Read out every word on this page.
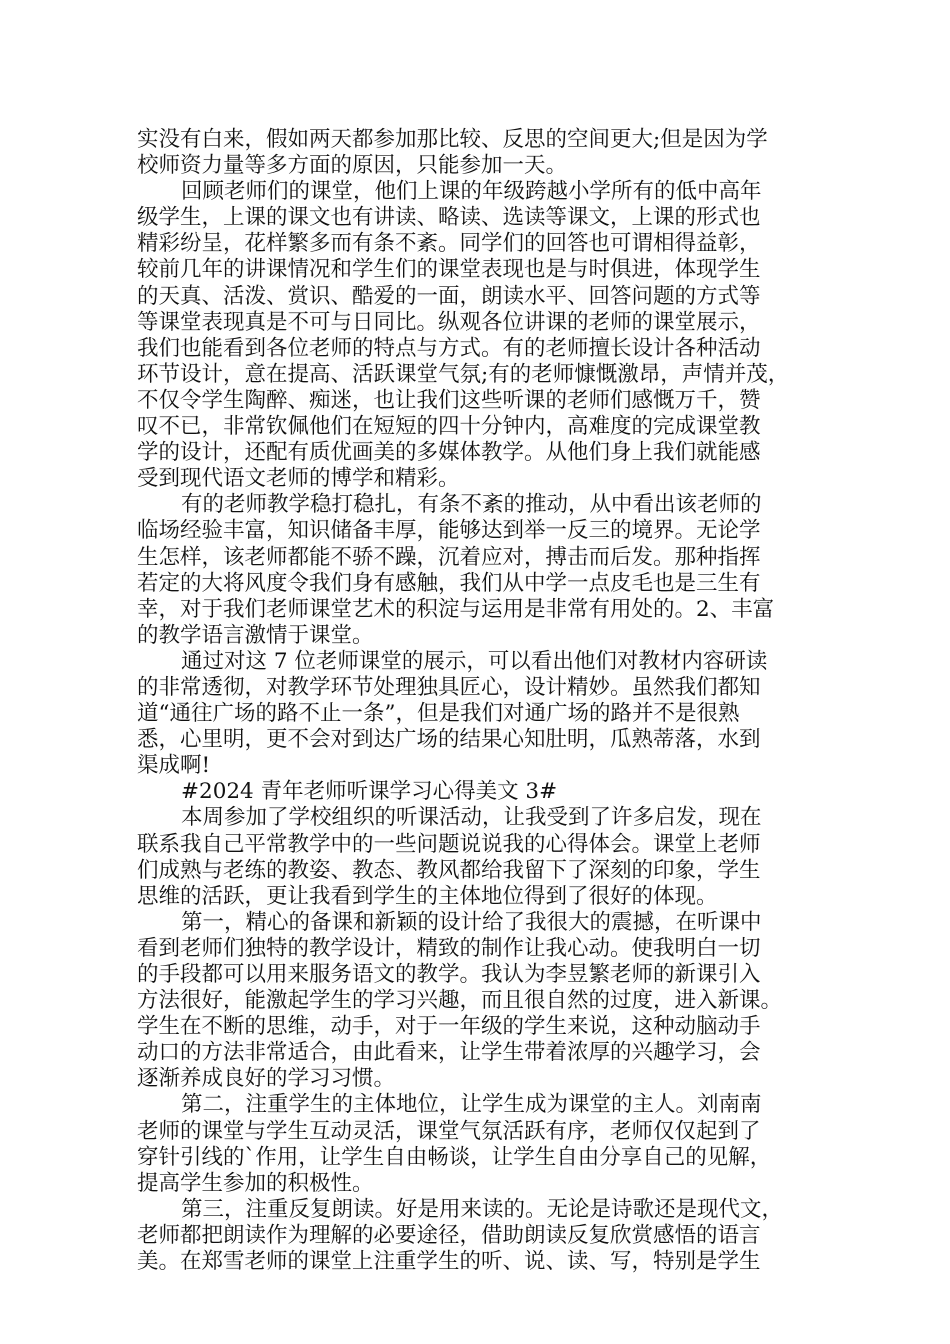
实没有白来，假如两天都参加那比较、反思的空间更大;但是因为学
校师资力量等多方面的原因，只能参加一天。
回顾老师们的课堂，他们上课的年级跨越小学所有的低中高年
级学生，上课的课文也有讲读、略读、选读等课文，上课的形式也
精彩纷呈，花样繁多而有条不紊。同学们的回答也可谓相得益彰，
较前几年的讲课情况和学生们的课堂表现也是与时俱进，体现学生
的天真、活泼、赏识、酷爱的一面，朗读水平、回答问题的方式等
等课堂表现真是不可与日同比。纵观各位讲课的老师的课堂展示，
我们也能看到各位老师的特点与方式。有的老师擅长设计各种活动
环节设计，意在提高、活跃课堂气氛;有的老师慷慨激昂，声情并茂，
不仅令学生陶醉、痴迷，也让我们这些听课的老师们感慨万千，赞
叹不已，非常钦佩他们在短短的四十分钟内，高难度的完成课堂教
学的设计，还配有质优画美的多媒体教学。从他们身上我们就能感
受到现代语文老师的博学和精彩。
有的老师教学稳打稳扎，有条不紊的推动，从中看出该老师的
临场经验丰富，知识储备丰厚，能够达到举一反三的境界。无论学
生怎样，该老师都能不骄不躁，沉着应对，搏击而后发。那种指挥
若定的大将风度令我们身有感触，我们从中学一点皮毛也是三生有
幸，对于我们老师课堂艺术的积淀与运用是非常有用处的。2、丰富
的教学语言激情于课堂。
通过对这 7 位老师课堂的展示，可以看出他们对教材内容研读
的非常透彻，对教学环节处理独具匠心，设计精妙。虽然我们都知
道“通往广场的路不止一条”，但是我们对通广场的路并不是很熟
悉，心里明，更不会对到达广场的结果心知肚明，瓜熟蒂落，水到
渠成啊!
#2024 青年老师听课学习心得美文 3#
本周参加了学校组织的听课活动，让我受到了许多启发，现在
联系我自己平常教学中的一些问题说说我的心得体会。课堂上老师
们成熟与老练的教姿、教态、教风都给我留下了深刻的印象，学生
思维的活跃，更让我看到学生的主体地位得到了很好的体现。
第一，精心的备课和新颖的设计给了我很大的震撼，在听课中
看到老师们独特的教学设计，精致的制作让我心动。使我明白一切
的手段都可以用来服务语文的教学。我认为李昱繁老师的新课引入
方法很好，能激起学生的学习兴趣，而且很自然的过度，进入新课。
学生在不断的思维，动手，对于一年级的学生来说，这种动脑动手
动口的方法非常适合，由此看来，让学生带着浓厚的兴趣学习，会
逐渐养成良好的学习习惯。
第二，注重学生的主体地位，让学生成为课堂的主人。刘南南
老师的课堂与学生互动灵活，课堂气氛活跃有序，老师仅仅起到了
穿针引线的`作用，让学生自由畅谈，让学生自由分享自己的见解，
提高学生参加的积极性。
第三，注重反复朗读。好是用来读的。无论是诗歌还是现代文，
老师都把朗读作为理解的必要途径，借助朗读反复欣赏感悟的语言
美。在郑雪老师的课堂上注重学生的听、说、读、写，特别是学生
